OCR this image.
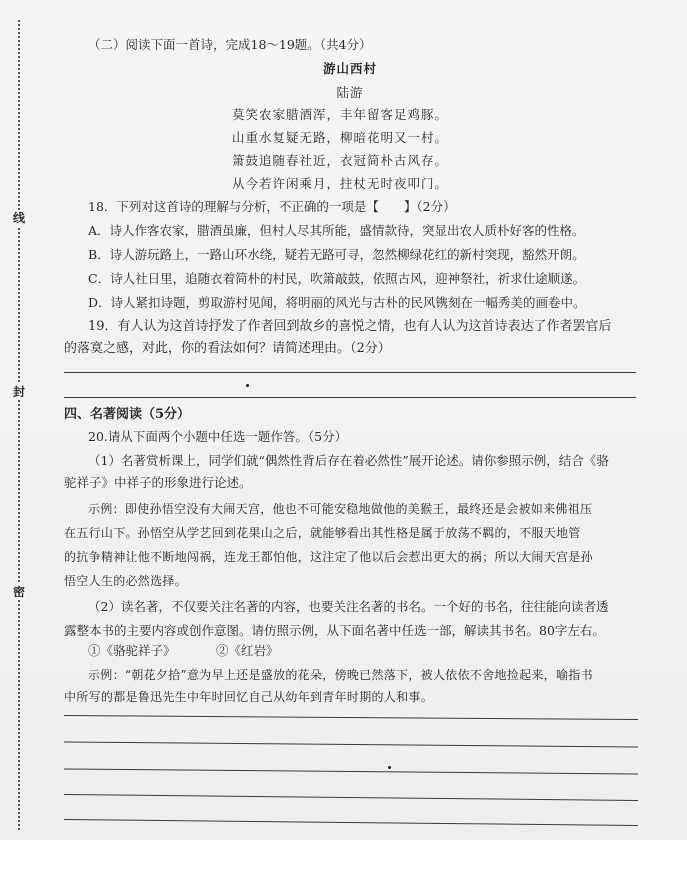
线
封
密
（二）阅读下面一首诗，完成18～19题。（共4分）
游山西村
陆游
莫笑农家腊酒浑，丰年留客足鸡豚。
山重水复疑无路，柳暗花明又一村。
箫鼓追随春社近，衣冠简朴古风存。
从今若许闲乘月，拄杖无时夜叩门。
18．下列对这首诗的理解与分析，不正确的一项是【　　】（2分）
A．诗人作客农家，腊酒虽廉，但村人尽其所能，盛情款待，突显出农人质朴好客的性格。
B．诗人游玩路上，一路山环水绕，疑若无路可寻，忽然柳绿花红的新村突现，豁然开朗。
C．诗人社日里，追随衣着简朴的村民，吹箫敲鼓，依照古风，迎神祭社，祈求仕途顺遂。
D．诗人紧扣诗题，剪取游村见闻，将明丽的风光与古朴的民风镌刻在一幅秀美的画卷中。
19．有人认为这首诗抒发了作者回到故乡的喜悦之情，也有人认为这首诗表达了作者罢官后
的落寞之感，对此，你的看法如何？请简述理由。（2分）
四、名著阅读（5分）
20.请从下面两个小题中任选一题作答。（5分）
（1）名著赏析课上，同学们就“偶然性背后存在着必然性”展开论述。请你参照示例，结合《骆
驼祥子》中祥子的形象进行论述。
示例：即使孙悟空没有大闹天宫，他也不可能安稳地做他的美猴王，最终还是会被如来佛祖压
在五行山下。孙悟空从学艺回到花果山之后，就能够看出其性格是属于放荡不羁的，不服天地管
的抗争精神让他不断地闯祸，连龙王都怕他，这注定了他以后会惹出更大的祸；所以大闹天宫是孙
悟空人生的必然选择。
（2）读名著，不仅要关注名著的内容，也要关注名著的书名。一个好的书名，往往能向读者透
露整本书的主要内容或创作意图。请仿照示例，从下面名著中任选一部，解读其书名。80字左右。
①《骆驼祥子》	②《红岩》
示例：“朝花夕拾”意为早上还是盛放的花朵，傍晚已然落下，被人依依不舍地捡起来，喻指书
中所写的都是鲁迅先生中年时回忆自己从幼年到青年时期的人和事。
